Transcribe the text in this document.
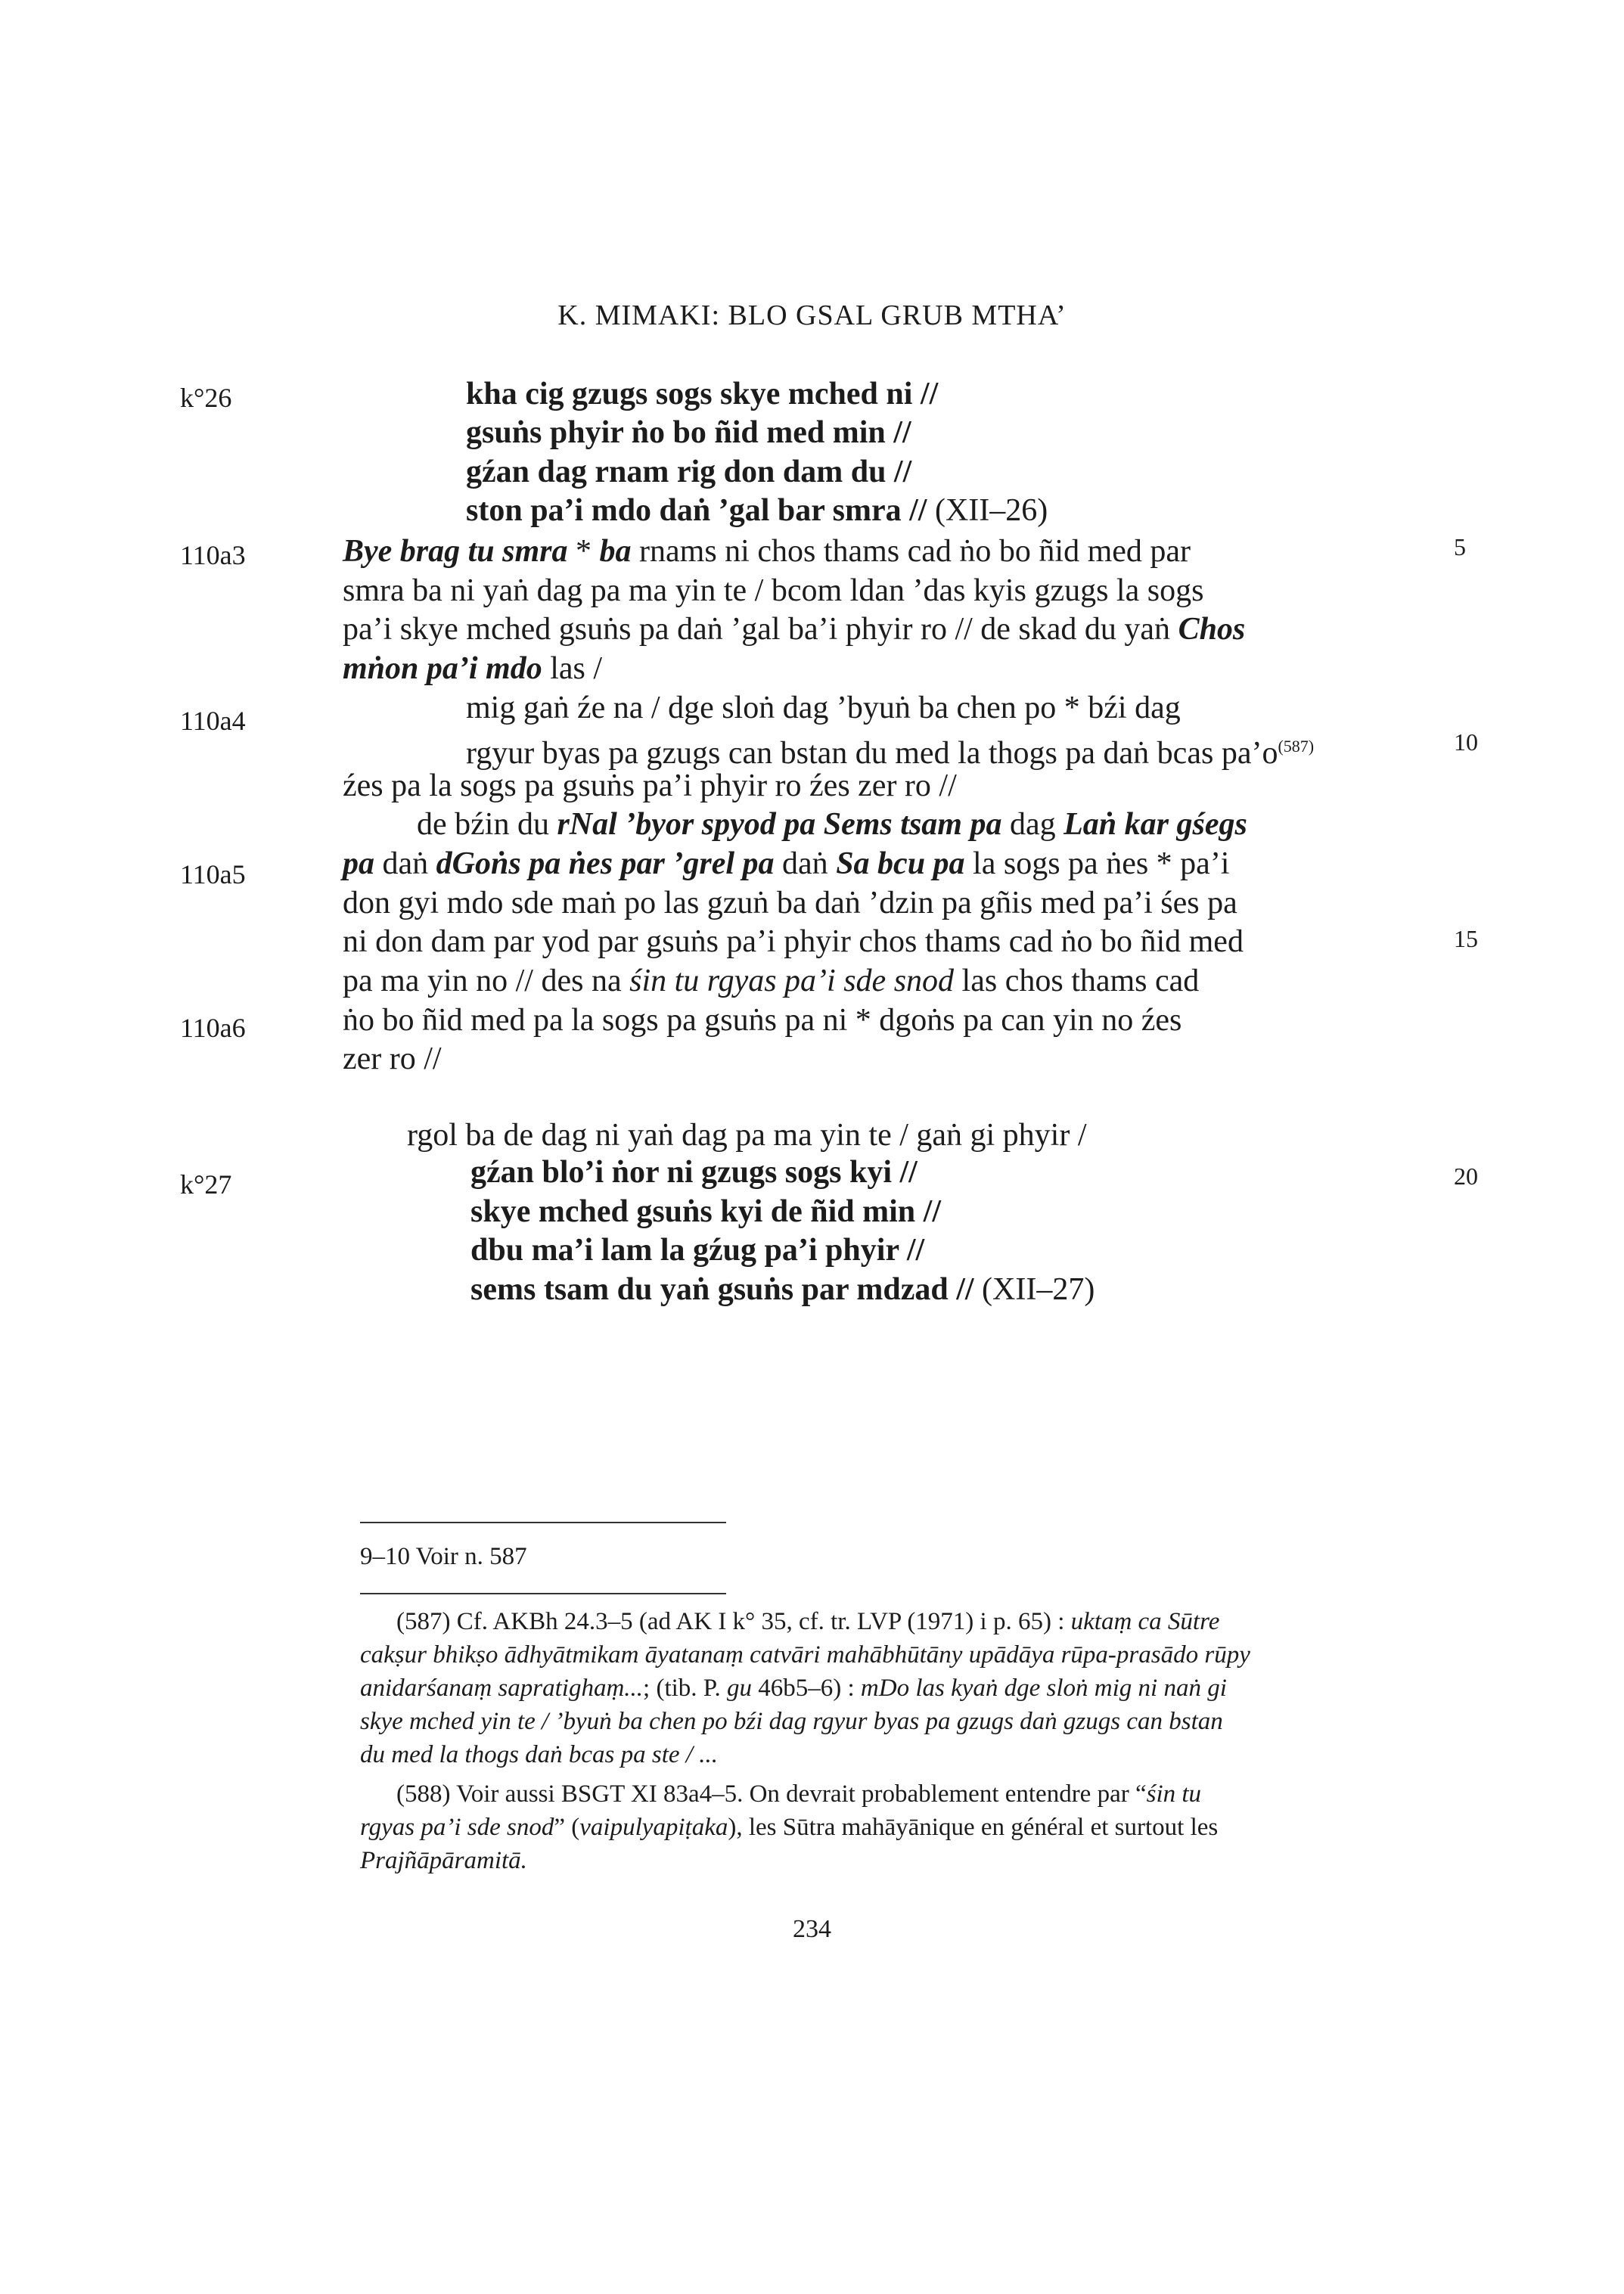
K. MIMAKI: BLO GSAL GRUB MTHA’
k°26
110a3
110a4
110a5
110a6
k°27
5
10
15
20
kha cig gzugs sogs skye mched ni //
gsuṅs phyir ṅo bo ñid med min //
gźan dag rnam rig don dam du //
ston pa’i mdo daṅ ’gal bar smra // (XII–26)
Bye brag tu smra * ba rnams ni chos thams cad ṅo bo ñid med par
smra ba ni yaṅ dag pa ma yin te / bcom ldan ’das kyis gzugs la sogs
pa’i skye mched gsuṅs pa daṅ ’gal ba’i phyir ro // de skad du yaṅ Chos
mṅon pa’i mdo las /
mig gaṅ źe na / dge sloṅ dag ’byuṅ ba chen po * bźi dag
rgyur byas pa gzugs can bstan du med la thogs pa daṅ bcas $pa’o^{(587)}$
źes pa la sogs pa gsuṅs pa’i phyir ro źes zer ro //
de bźin du rNal ’byor spyod pa Sems tsam pa dag Laṅ kar gśegs
pa daṅ dGoṅs pa ṅes par ’grel pa daṅ Sa bcu pa la sogs pa ṅes * pa’i
don gyi mdo sde maṅ po las gzuṅ ba daṅ ’dzin pa gñis med pa’i śes pa
ni don dam par yod par gsuṅs pa’i phyir chos thams cad ṅo bo ñid med
pa ma yin no // des na śin tu rgyas pa’i sde snod las chos thams cad
ṅo bo ñid med pa la sogs pa gsuṅs pa ni * dgoṅs pa can yin no źes
zer ro //
rgol ba de dag ni yaṅ dag pa ma yin te / gaṅ gi phyir /
gźan blo’i ṅor ni gzugs sogs kyi //
skye mched gsuṅs kyi de ñid min //
dbu ma’i lam la gźug pa’i phyir //
sems tsam du yaṅ gsuṅs par mdzad // (XII–27)
9–10 Voir n. 587
(587) Cf. AKBh 24.3–5 (ad AK I k° 35, cf. tr. LVP (1971) i p. 65) : uktaṃ ca Sūtre
cakṣur bhikṣo ādhyātmikam āyatanaṃ catvāri mahābhūtāny upādāya rūpa-prasādo rūpy
anidarśanaṃ sapratighaṃ...; (tib. P. gu 46b5–6) : mDo las kyaṅ dge sloṅ mig ni naṅ gi
skye mched yin te / ’byuṅ ba chen po bźi dag rgyur byas pa gzugs daṅ gzugs can bstan
du med la thogs daṅ bcas pa ste / ...
(588) Voir aussi BSGT XI 83a4–5. On devrait probablement entendre par “śin tu
rgyas pa’i sde snod” (vaipulyapiṭaka), les Sūtra mahāyānique en général et surtout les
Prajñāpāramitā.
234
